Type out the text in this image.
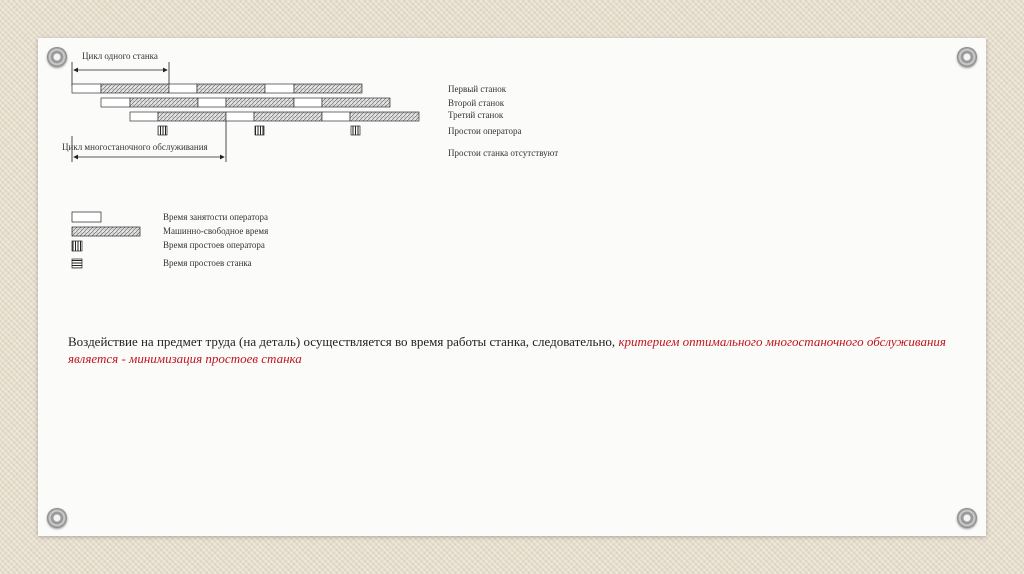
Цикл одного станка
Цикл многостаночного обслуживания
Первый станок
Второй станок
Третий станок
Простои оператора
Простои станка отсутствуют
Время занятости оператора
Машинно-свободное время
Время простоев оператора
Время простоев станка
Воздействие на предмет труда (на деталь) осуществляется во время работы станка, следовательно, критерием оптимального многостаночного обслуживания является - минимизация простоев станка
